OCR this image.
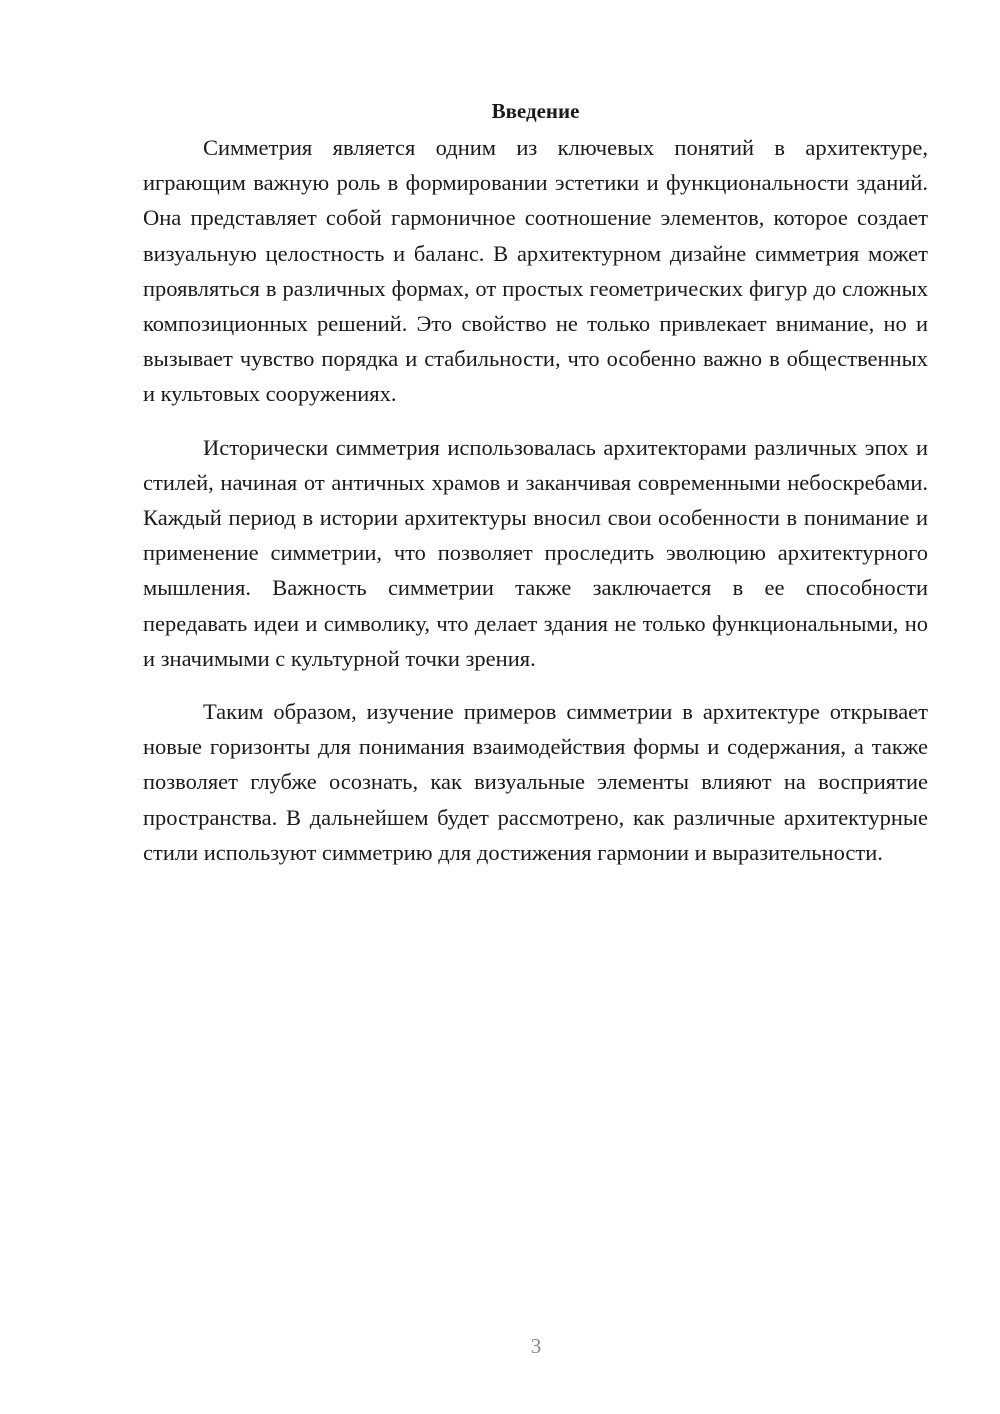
Введение

Симметрия является одним из ключевых понятий в архитектуре, играющим важную роль в формировании эстетики и функциональности зданий. Она представляет собой гармоничное соотношение элементов, которое создает визуальную целостность и баланс. В архитектурном дизайне симметрия может проявляться в различных формах, от простых геометрических фигур до сложных композиционных решений. Это свойство не только привлекает внимание, но и вызывает чувство порядка и стабильности, что особенно важно в общественных и культовых сооружениях.

Исторически симметрия использовалась архитекторами различных эпох и стилей, начиная от античных храмов и заканчивая современными небоскребами. Каждый период в истории архитектуры вносил свои особенности в понимание и применение симметрии, что позволяет проследить эволюцию архитектурного мышления. Важность симметрии также заключается в ее способности передавать идеи и символику, что делает здания не только функциональными, но и значимыми с культурной точки зрения.

Таким образом, изучение примеров симметрии в архитектуре открывает новые горизонты для понимания взаимодействия формы и содержания, а также позволяет глубже осознать, как визуальные элементы влияют на восприятие пространства. В дальнейшем будет рассмотрено, как различные архитектурные стили используют симметрию для достижения гармонии и выразительности.

3
